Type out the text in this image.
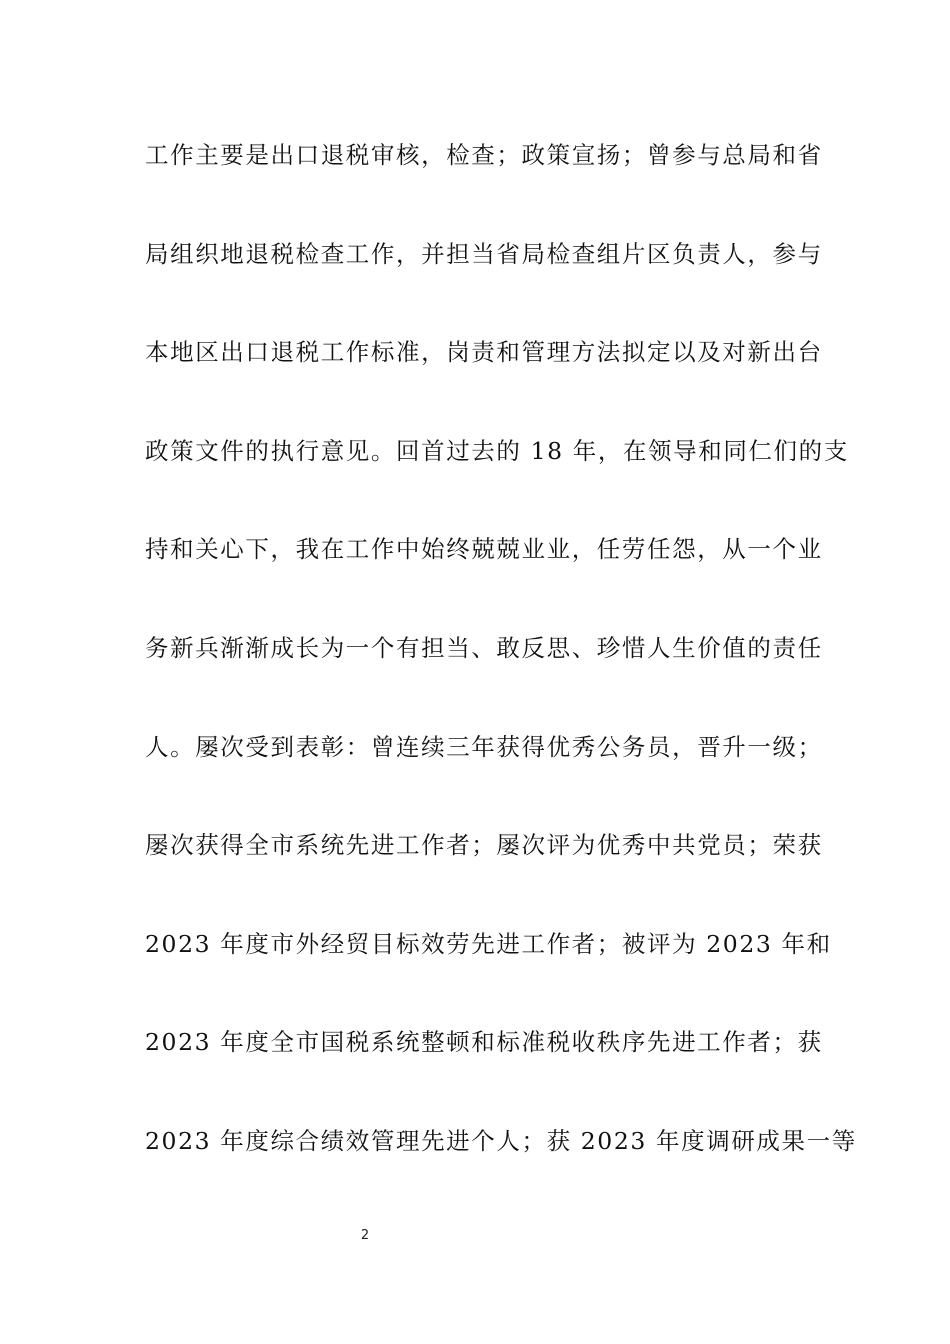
工作主要是出口退税审核，检查；政策宣扬；曾参与总局和省
局组织地退税检查工作，并担当省局检查组片区负责人，参与
本地区出口退税工作标准，岗责和管理方法拟定以及对新出台
政策文件的执行意见。回首过去的 18 年，在领导和同仁们的支
持和关心下，我在工作中始终兢兢业业，任劳任怨，从一个业
务新兵渐渐成长为一个有担当、敢反思、珍惜人生价值的责任
人。屡次受到表彰：曾连续三年获得优秀公务员，晋升一级；
屡次获得全市系统先进工作者；屡次评为优秀中共党员；荣获
2023 年度市外经贸目标效劳先进工作者；被评为 2023 年和
2023 年度全市国税系统整顿和标准税收秩序先进工作者；获
2023 年度综合绩效管理先进个人；获 2023 年度调研成果一等
2
